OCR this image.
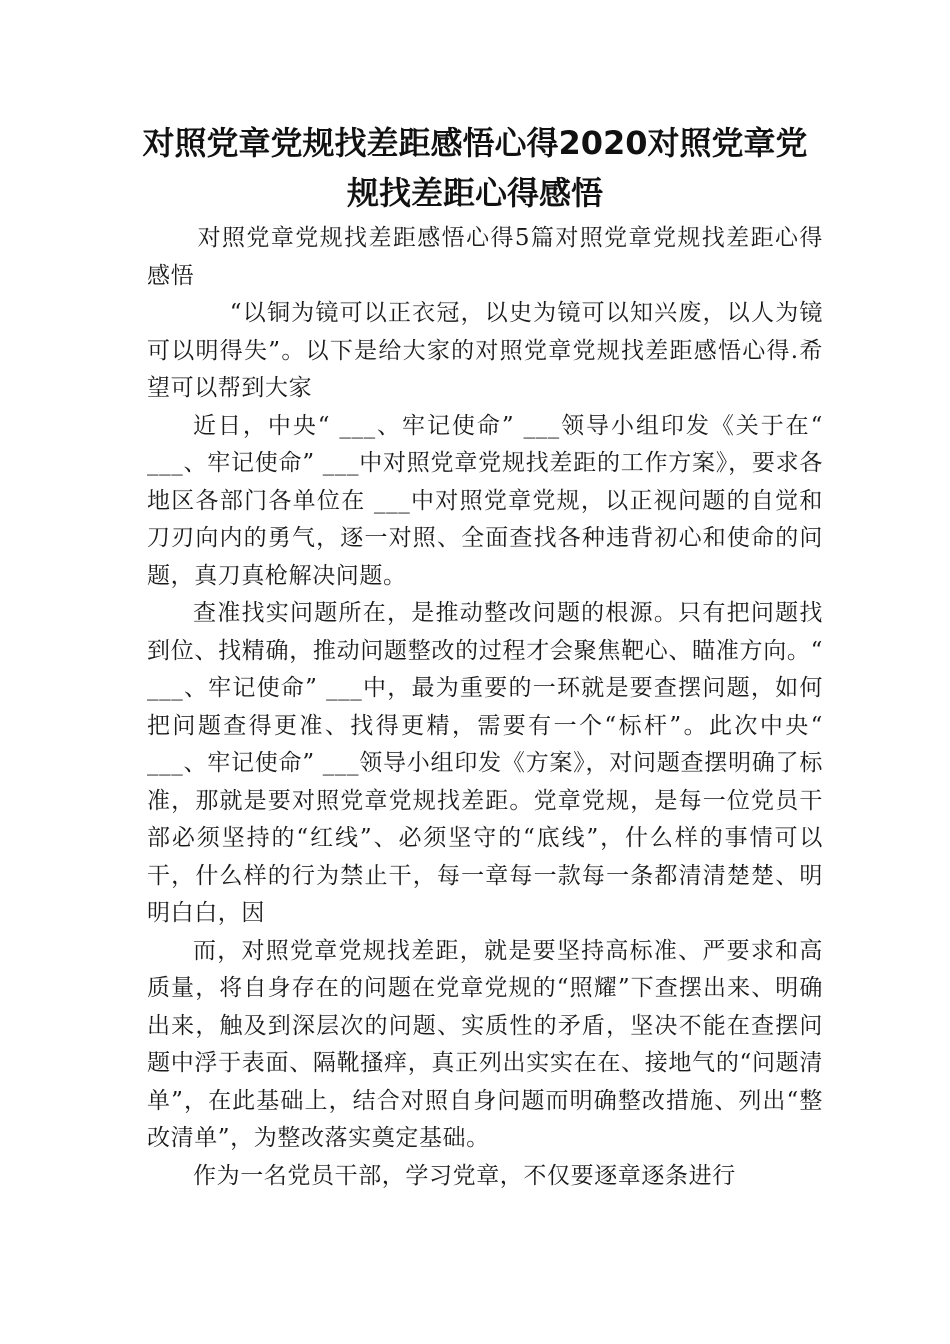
对照党章党规找差距感悟心得2020对照党章党规找差距心得感悟

对照党章党规找差距感悟心得5篇对照党章党规找差距心得感悟

“以铜为镜可以正衣冠，以史为镜可以知兴废，以人为镜可以明得失”。以下是给大家的对照党章党规找差距感悟心得.希望可以帮到大家

近日，中央“ ___、牢记使命” ___领导小组印发《关于在“ ___、牢记使命” ___中对照党章党规找差距的工作方案》，要求各地区各部门各单位在 ___中对照党章党规，以正视问题的自觉和刀刃向内的勇气，逐一对照、全面查找各种违背初心和使命的问题，真刀真枪解决问题。

查准找实问题所在，是推动整改问题的根源。只有把问题找到位、找精确，推动问题整改的过程才会聚焦靶心、瞄准方向。“ ___、牢记使命” ___中，最为重要的一环就是要查摆问题，如何把问题查得更准、找得更精，需要有一个“标杆”。此次中央“ ___、牢记使命” ___领导小组印发《方案》，对问题查摆明确了标准，那就是要对照党章党规找差距。党章党规，是每一位党员干部必须坚持的“红线”、必须坚守的“底线”，什么样的事情可以干，什么样的行为禁止干，每一章每一款每一条都清清楚楚、明明白白，因

而，对照党章党规找差距，就是要坚持高标准、严要求和高质量，将自身存在的问题在党章党规的“照耀”下查摆出来、明确出来，触及到深层次的问题、实质性的矛盾，坚决不能在查摆问题中浮于表面、隔靴搔痒，真正列出实实在在、接地气的“问题清单”，在此基础上，结合对照自身问题而明确整改措施、列出“整改清单”，为整改落实奠定基础。

作为一名党员干部，学习党章，不仅要逐章逐条进行
